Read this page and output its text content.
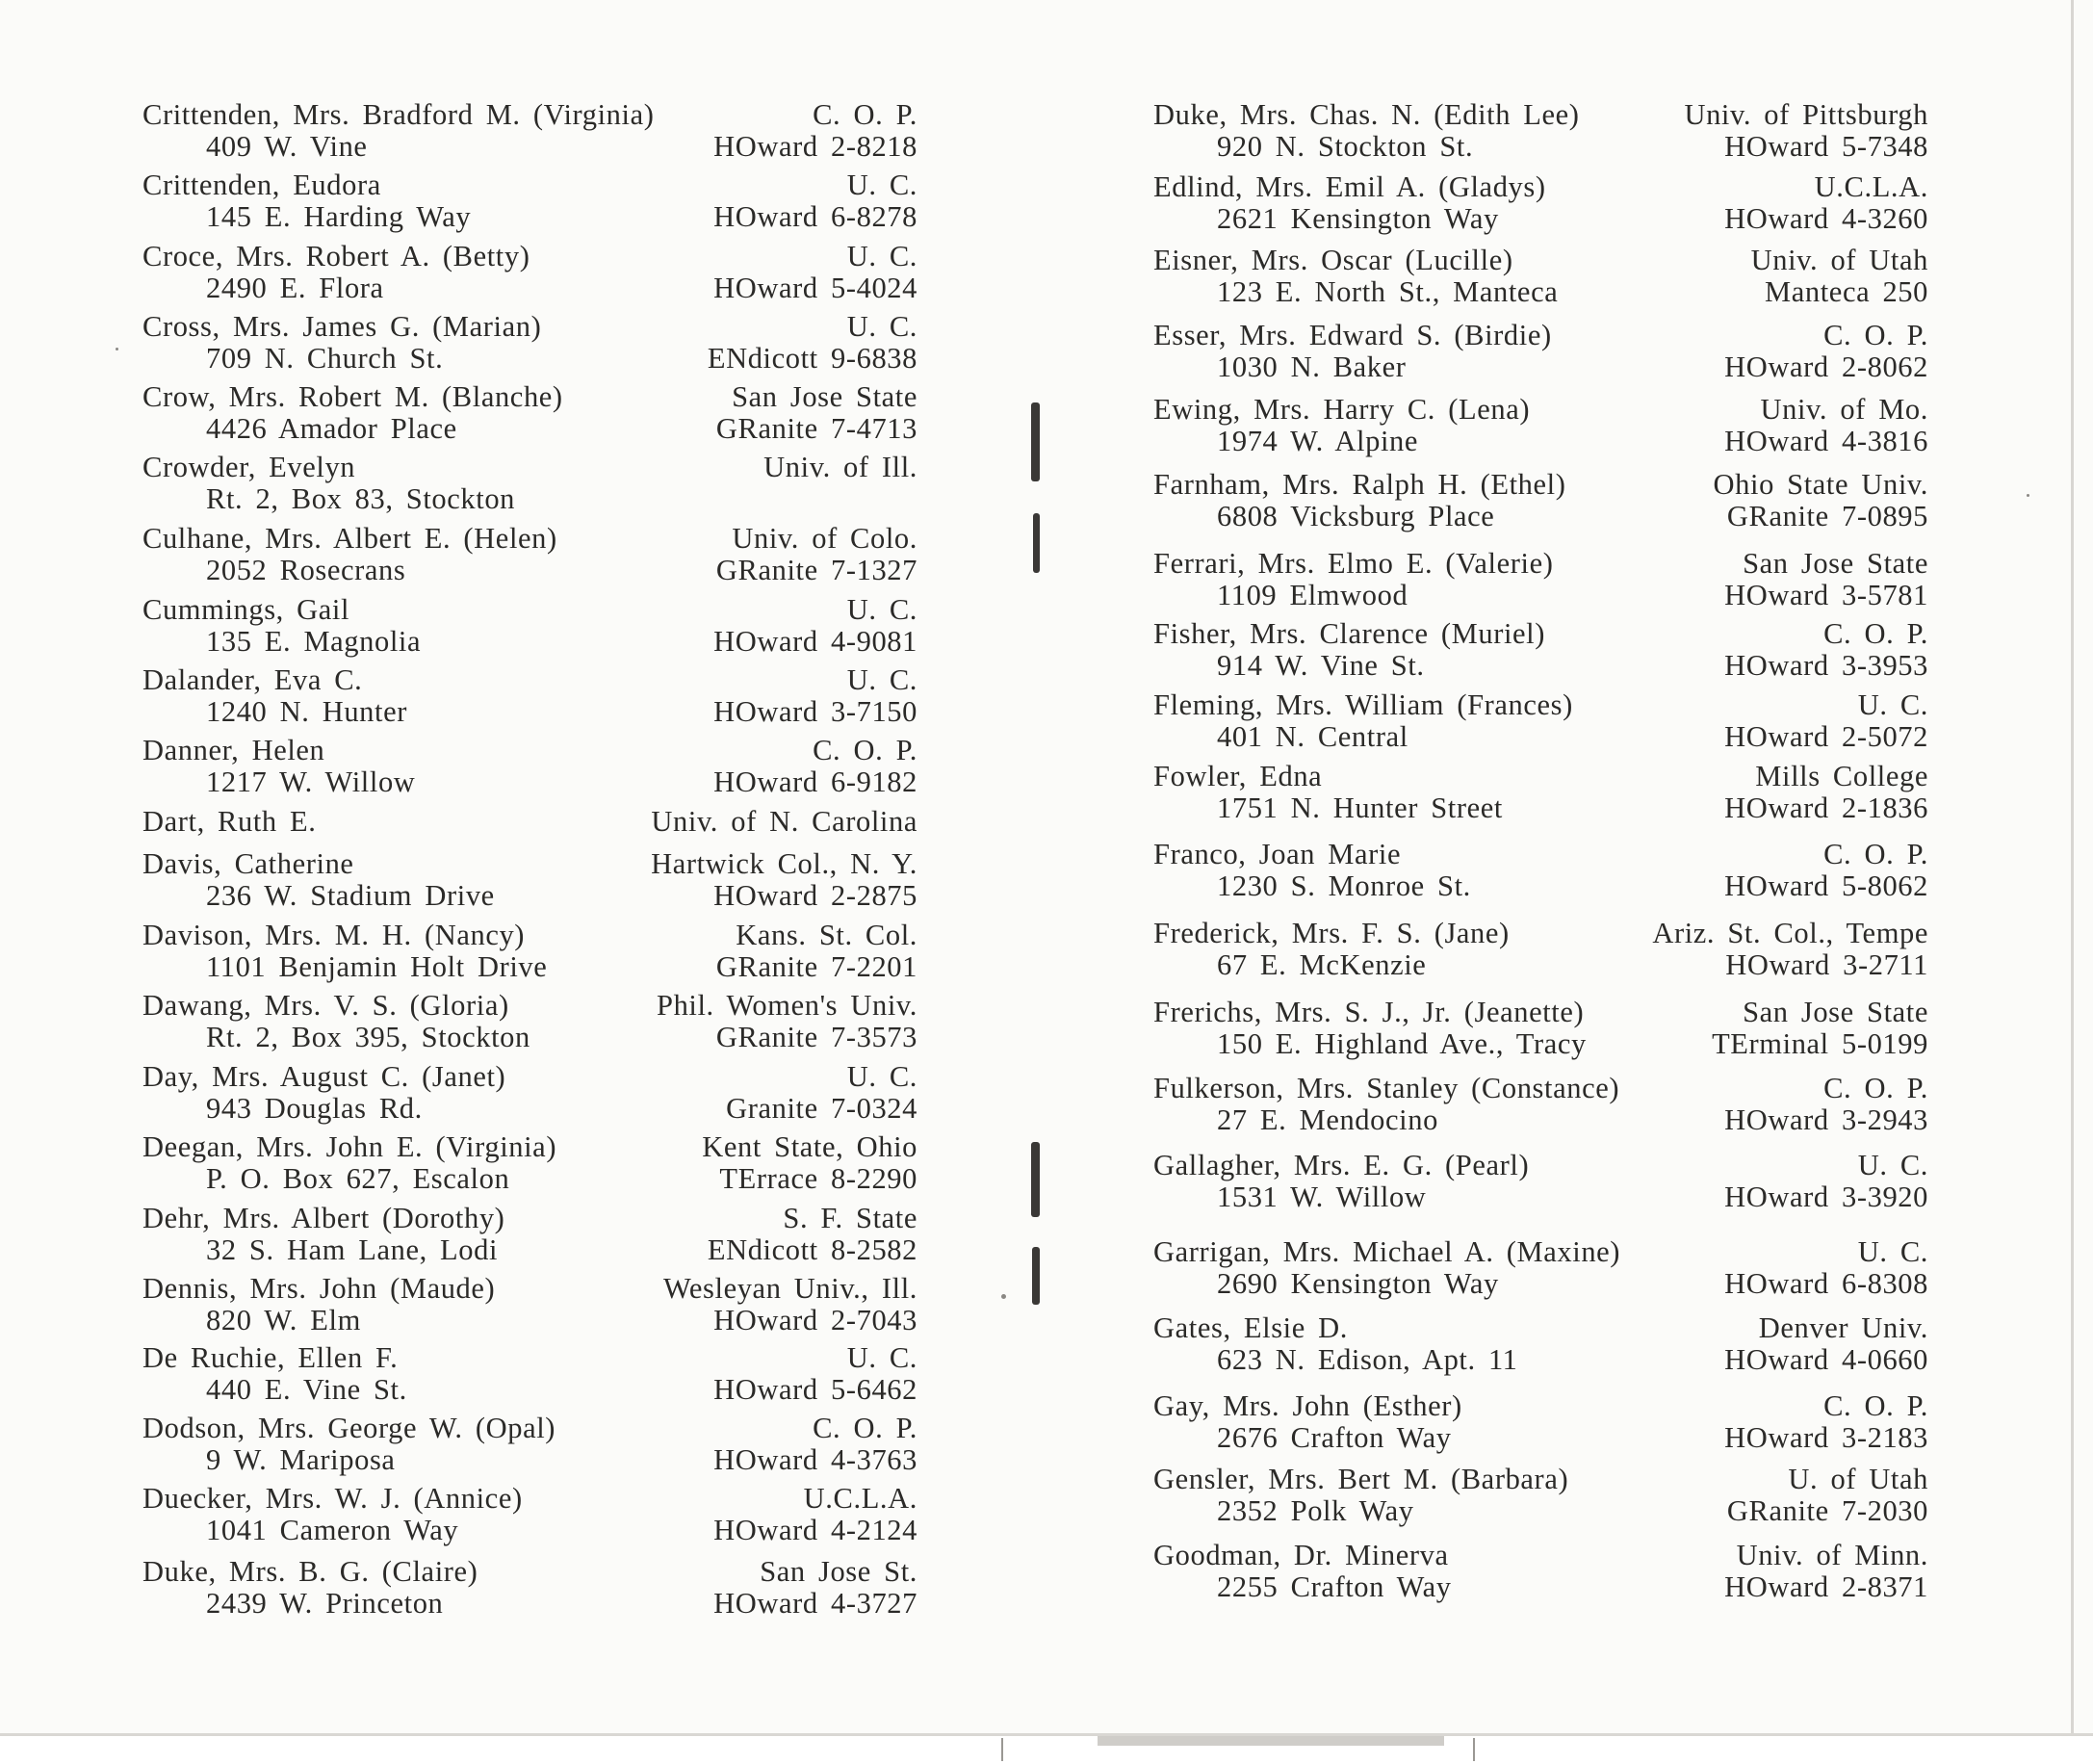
Crittenden, Mrs. Bradford M. (Virginia)	C. O. P.
409 W. Vine	HOward 2-8218
Crittenden, Eudora	U. C.
145 E. Harding Way	HOward 6-8278
Croce, Mrs. Robert A. (Betty)	U. C.
2490 E. Flora	HOward 5-4024
Cross, Mrs. James G. (Marian)	U. C.
709 N. Church St.	ENdicott 9-6838
Crow, Mrs. Robert M. (Blanche)	San Jose State
4426 Amador Place	GRanite 7-4713
Crowder, Evelyn	Univ. of Ill.
Rt. 2, Box 83, Stockton
Culhane, Mrs. Albert E. (Helen)	Univ. of Colo.
2052 Rosecrans	GRanite 7-1327
Cummings, Gail	U. C.
135 E. Magnolia	HOward 4-9081
Dalander, Eva C.	U. C.
1240 N. Hunter	HOward 3-7150
Danner, Helen	C. O. P.
1217 W. Willow	HOward 6-9182
Dart, Ruth E.	Univ. of N. Carolina
Davis, Catherine	Hartwick Col., N. Y.
236 W. Stadium Drive	HOward 2-2875
Davison, Mrs. M. H. (Nancy)	Kans. St. Col.
1101 Benjamin Holt Drive	GRanite 7-2201
Dawang, Mrs. V. S. (Gloria)	Phil. Women's Univ.
Rt. 2, Box 395, Stockton	GRanite 7-3573
Day, Mrs. August C. (Janet)	U. C.
943 Douglas Rd.	Granite 7-0324
Deegan, Mrs. John E. (Virginia)	Kent State, Ohio
P. O. Box 627, Escalon	TErrace 8-2290
Dehr, Mrs. Albert (Dorothy)	S. F. State
32 S. Ham Lane, Lodi	ENdicott 8-2582
Dennis, Mrs. John (Maude)	Wesleyan Univ., Ill.
820 W. Elm	HOward 2-7043
De Ruchie, Ellen F.	U. C.
440 E. Vine St.	HOward 5-6462
Dodson, Mrs. George W. (Opal)	C. O. P.
9 W. Mariposa	HOward 4-3763
Duecker, Mrs. W. J. (Annice)	U.C.L.A.
1041 Cameron Way	HOward 4-2124
Duke, Mrs. B. G. (Claire)	San Jose St.
2439 W. Princeton	HOward 4-3727
Duke, Mrs. Chas. N. (Edith Lee)	Univ. of Pittsburgh
920 N. Stockton St.	HOward 5-7348
Edlind, Mrs. Emil A. (Gladys)	U.C.L.A.
2621 Kensington Way	HOward 4-3260
Eisner, Mrs. Oscar (Lucille)	Univ. of Utah
123 E. North St., Manteca	Manteca 250
Esser, Mrs. Edward S. (Birdie)	C. O. P.
1030 N. Baker	HOward 2-8062
Ewing, Mrs. Harry C. (Lena)	Univ. of Mo.
1974 W. Alpine	HOward 4-3816
Farnham, Mrs. Ralph H. (Ethel)	Ohio State Univ.
6808 Vicksburg Place	GRanite 7-0895
Ferrari, Mrs. Elmo E. (Valerie)	San Jose State
1109 Elmwood	HOward 3-5781
Fisher, Mrs. Clarence (Muriel)	C. O. P.
914 W. Vine St.	HOward 3-3953
Fleming, Mrs. William (Frances)	U. C.
401 N. Central	HOward 2-5072
Fowler, Edna	Mills College
1751 N. Hunter Street	HOward 2-1836
Franco, Joan Marie	C. O. P.
1230 S. Monroe St.	HOward 5-8062
Frederick, Mrs. F. S. (Jane)	Ariz. St. Col., Tempe
67 E. McKenzie	HOward 3-2711
Frerichs, Mrs. S. J., Jr. (Jeanette)	San Jose State
150 E. Highland Ave., Tracy	TErminal 5-0199
Fulkerson, Mrs. Stanley (Constance)	C. O. P.
27 E. Mendocino	HOward 3-2943
Gallagher, Mrs. E. G. (Pearl)	U. C.
1531 W. Willow	HOward 3-3920
Garrigan, Mrs. Michael A. (Maxine)	U. C.
2690 Kensington Way	HOward 6-8308
Gates, Elsie D.	Denver Univ.
623 N. Edison, Apt. 11	HOward 4-0660
Gay, Mrs. John (Esther)	C. O. P.
2676 Crafton Way	HOward 3-2183
Gensler, Mrs. Bert M. (Barbara)	U. of Utah
2352 Polk Way	GRanite 7-2030
Goodman, Dr. Minerva	Univ. of Minn.
2255 Crafton Way	HOward 2-8371
